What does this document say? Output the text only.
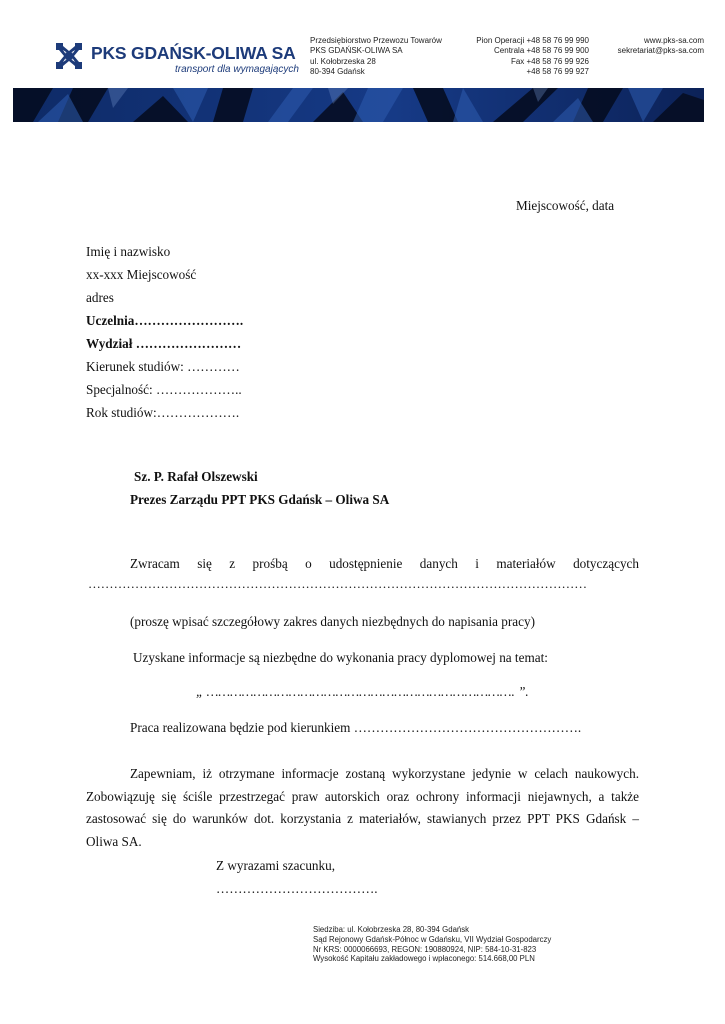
PKS GDAŃSK-OLIWA SA
transport dla wymagających
Przedsiębiorstwo Przewozu Towarów
PKS GDAŃSK-OLIWA SA
ul. Kołobrzeska 28
80-394 Gdańsk
Pion Operacji +48 58 76 99 990
Centrala +48 58 76 99 900
Fax +48 58 76 99 926
+48 58 76 99 927
www.pks-sa.com
sekretariat@pks-sa.com
Miejscowość, data
Imię i nazwisko
xx-xxx Miejscowość
adres
Uczelnia…………………….
Wydział ……………………
Kierunek studiów: …………
Specjalność: ………………..
Rok studiów:……………….
Sz. P. Rafał Olszewski
Prezes Zarządu PPT PKS Gdańsk – Oliwa SA
Zwracam się z prośbą o udostępnienie danych i materiałów dotyczących
………………………………………………………………………………………………………
(proszę wpisać szczegółowy zakres danych niezbędnych do napisania pracy)
Uzyskane informacje są niezbędne do wykonania pracy dyplomowej na temat:
„ ……………………………………………………………………. ”.
Praca realizowana będzie pod kierunkiem …………………………………………….
Zapewniam, iż otrzymane informacje zostaną wykorzystane jedynie w celach naukowych.
Zobowiązuję się ściśle przestrzegać praw autorskich oraz ochrony informacji niejawnych, a także
zastosować się do warunków dot. korzystania z materiałów, stawianych przez PPT PKS Gdańsk –
Oliwa SA.
Z wyrazami szacunku,
……………………………….
Siedziba: ul. Kołobrzeska 28, 80-394 Gdańsk
Sąd Rejonowy Gdańsk-Północ w Gdańsku, VII Wydział Gospodarczy
Nr KRS: 0000066693, REGON: 190880924, NIP: 584-10-31-823
Wysokość Kapitału zakładowego i wpłaconego: 514.668,00 PLN
